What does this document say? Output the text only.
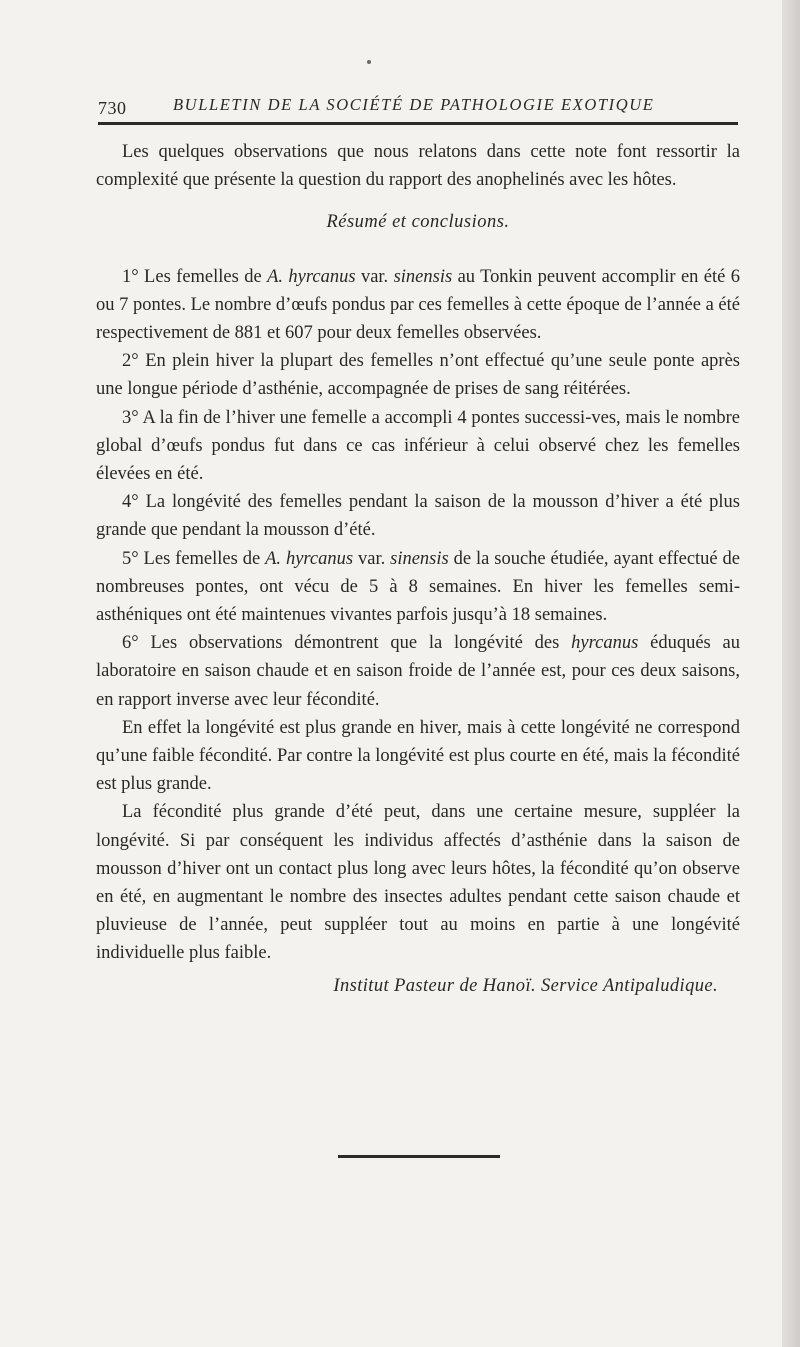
730	BULLETIN DE LA SOCIÉTÉ DE PATHOLOGIE EXOTIQUE

Les quelques observations que nous relatons dans cette note font ressortir la complexité que présente la question du rapport des anophelinés avec les hôtes.

Résumé et conclusions.

1° Les femelles de A. hyrcanus var. sinensis au Tonkin peuvent accomplir en été 6 ou 7 pontes. Le nombre d’œufs pondus par ces femelles à cette époque de l’année a été respectivement de 881 et 607 pour deux femelles observées.

2° En plein hiver la plupart des femelles n’ont effectué qu’une seule ponte après une longue période d’asthénie, accompagnée de prises de sang réitérées.

3° A la fin de l’hiver une femelle a accompli 4 pontes successi-ves, mais le nombre global d’œufs pondus fut dans ce cas inférieur à celui observé chez les femelles élevées en été.

4° La longévité des femelles pendant la saison de la mousson d’hiver a été plus grande que pendant la mousson d’été.

5° Les femelles de A. hyrcanus var. sinensis de la souche étudiée, ayant effectué de nombreuses pontes, ont vécu de 5 à 8 semaines. En hiver les femelles semi-asthéniques ont été maintenues vivantes parfois jusqu’à 18 semaines.

6° Les observations démontrent que la longévité des hyrcanus éduqués au laboratoire en saison chaude et en saison froide de l’année est, pour ces deux saisons, en rapport inverse avec leur fécondité.

En effet la longévité est plus grande en hiver, mais à cette longévité ne correspond qu’une faible fécondité. Par contre la longévité est plus courte en été, mais la fécondité est plus grande.

La fécondité plus grande d’été peut, dans une certaine mesure, suppléer la longévité. Si par conséquent les individus affectés d’asthénie dans la saison de mousson d’hiver ont un contact plus long avec leurs hôtes, la fécondité qu’on observe en été, en augmentant le nombre des insectes adultes pendant cette saison chaude et pluvieuse de l’année, peut suppléer tout au moins en partie à une longévité individuelle plus faible.

Institut Pasteur de Hanoï. Service Antipaludique.
